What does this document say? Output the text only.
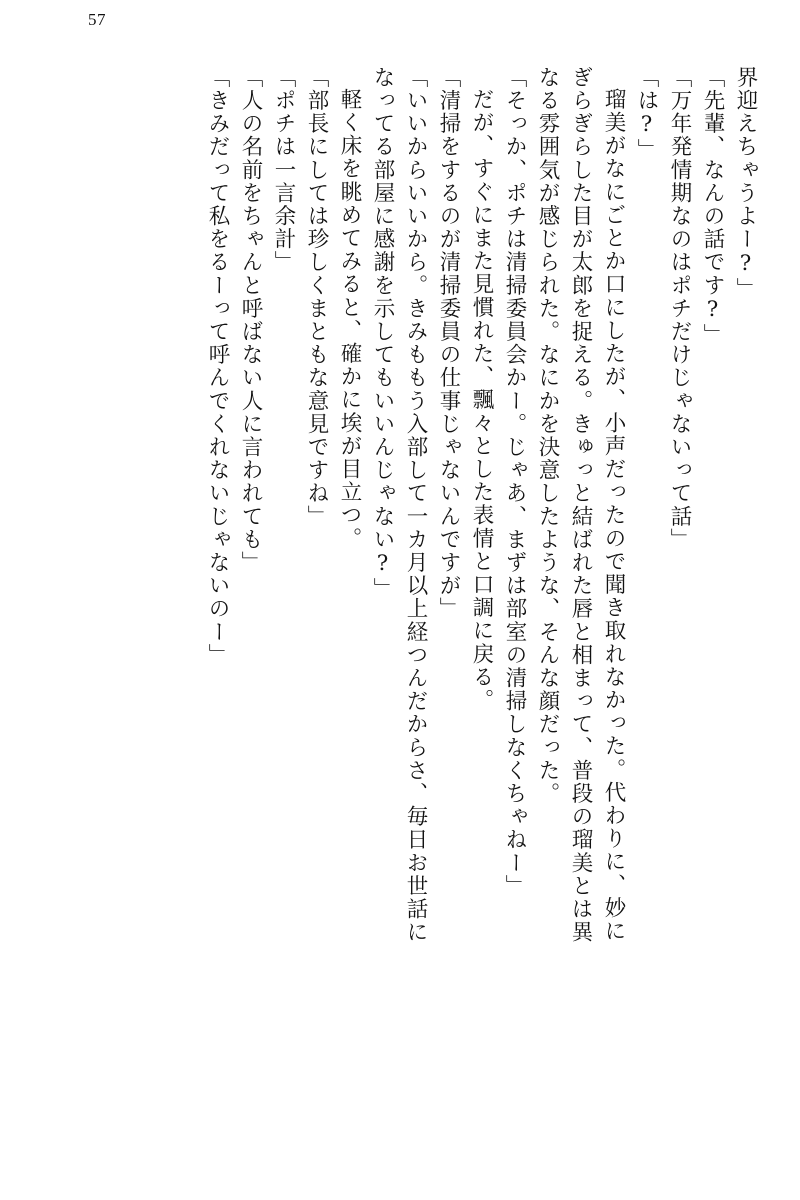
57
界迎えちゃうよー?」
「先輩、なんの話です?」
「万年発情期なのはポチだけじゃないって話」
「は?」
瑠美がなにごとか口にしたが、小声だったので聞き取れなかった。代わりに、妙に
ぎらぎらした目が太郎を捉える。きゅっと結ばれた唇と相まって、普段の瑠美とは異
なる雰囲気が感じられた。なにかを決意したような、そんな顔だった。
「そっか、ポチは清掃委員会かー。じゃあ、まずは部室の清掃しなくちゃねー」
だが、すぐにまた見慣れた、飄々とした表情と口調に戻る。
「清掃をするのが清掃委員の仕事じゃないんですが」
「いいからいいから。きみももう入部して一カ月以上経つんだからさ、毎日お世話に
なってる部屋に感謝を示してもいいんじゃない?」
軽く床を眺めてみると、確かに埃が目立つ。
「部長にしては珍しくまともな意見ですね」
「ポチは一言余計」
「人の名前をちゃんと呼ばない人に言われても」
「きみだって私をるーって呼んでくれないじゃないのー」
